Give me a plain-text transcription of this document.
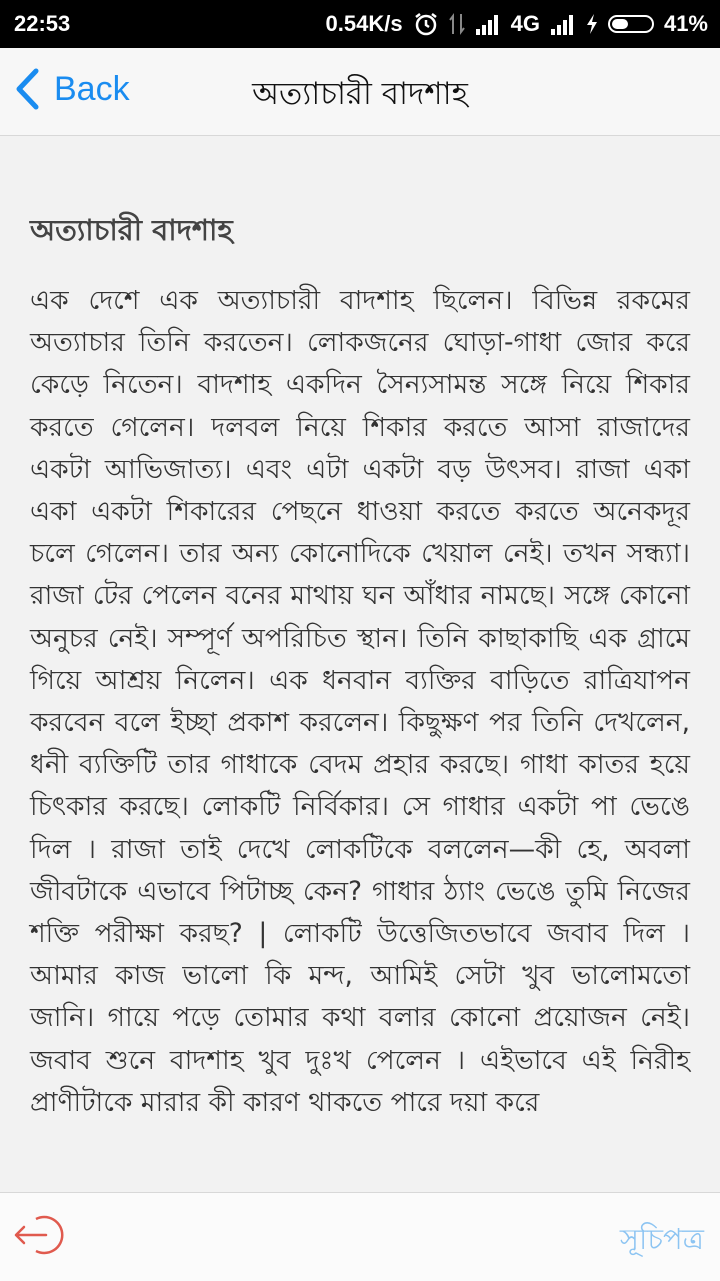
22:53	0.54K/s	4G	41%
Back	অত্যাচারী বাদশাহ
অত্যাচারী বাদশাহ

এক দেশে এক অত্যাচারী বাদশাহ ছিলেন। বিভিন্ন রকমের অত্যাচার তিনি করতেন। লোকজনের ঘোড়া-গাধা জোর করে কেড়ে নিতেন। বাদশাহ একদিন সৈন্যসামন্ত সঙ্গে নিয়ে শিকার করতে গেলেন। দলবল নিয়ে শিকার করতে আসা রাজাদের একটা আভিজাত্য। এবং এটা একটা বড় উৎসব। রাজা একা একা একটা শিকারের পেছনে ধাওয়া করতে করতে অনেকদূর চলে গেলেন। তার অন্য কোনোদিকে খেয়াল নেই। তখন সন্ধ্যা। রাজা টের পেলেন বনের মাথায় ঘন আঁধার নামছে। সঙ্গে কোনো অনুচর নেই। সম্পূর্ণ অপরিচিত স্থান। তিনি কাছাকাছি এক গ্রামে গিয়ে আশ্রয় নিলেন। এক ধনবান ব্যক্তির বাড়িতে রাত্রিযাপন করবেন বলে ইচ্ছা প্রকাশ করলেন। কিছুক্ষণ পর তিনি দেখলেন, ধনী ব্যক্তিটি তার গাধাকে বেদম প্রহার করছে। গাধা কাতর হয়ে চিৎকার করছে। লোকটি নির্বিকার। সে গাধার একটা পা ভেঙে দিল । রাজা তাই দেখে লোকটিকে বললেন—কী হে, অবলা জীবটাকে এভাবে পিটাচ্ছ কেন? গাধার ঠ্যাং ভেঙে তুমি নিজের শক্তি পরীক্ষা করছ? | লোকটি উত্তেজিতভাবে জবাব দিল । আমার কাজ ভালো কি মন্দ, আমিই সেটা খুব ভালোমতো জানি। গায়ে পড়ে তোমার কথা বলার কোনো প্রয়োজন নেই। জবাব শুনে বাদশাহ খুব দুঃখ পেলেন । এইভাবে এই নিরীহ প্রাণীটাকে মারার কী কারণ থাকতে পারে দয়া করে

সূচিপত্র
